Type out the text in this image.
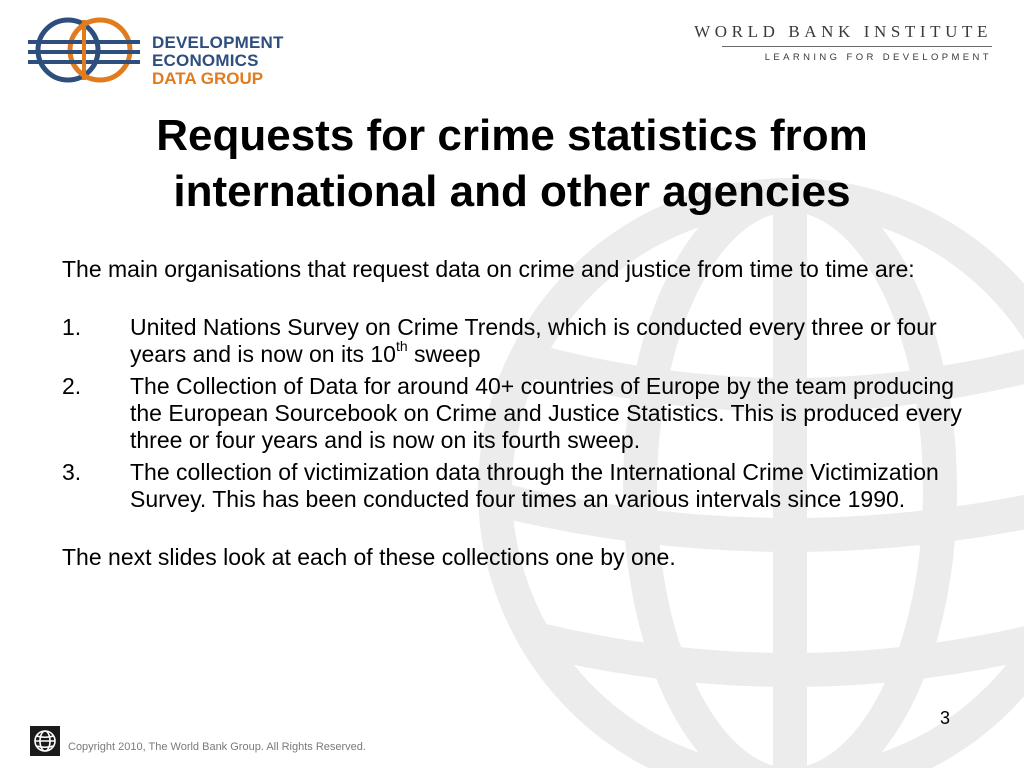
DEVELOPMENT ECONOMICS
DATA GROUP
WORLD BANK INSTITUTE
LEARNING FOR DEVELOPMENT
Requests for crime statistics from
international and other agencies

The main organisations that request data on crime and justice from time to time are:

1.	United Nations Survey on Crime Trends, which is conducted every three or four years and is now on its 10th sweep
2.	The Collection of Data for around 40+ countries of Europe by the team producing the European Sourcebook on Crime and Justice Statistics. This is produced every three or four years and is now on its fourth sweep.
3.	The collection of victimization data through the International Crime Victimization Survey. This has been conducted four times an various intervals since 1990.

The next slides look at each of these collections one by one.

3
Copyright 2010, The World Bank Group. All Rights Reserved.
